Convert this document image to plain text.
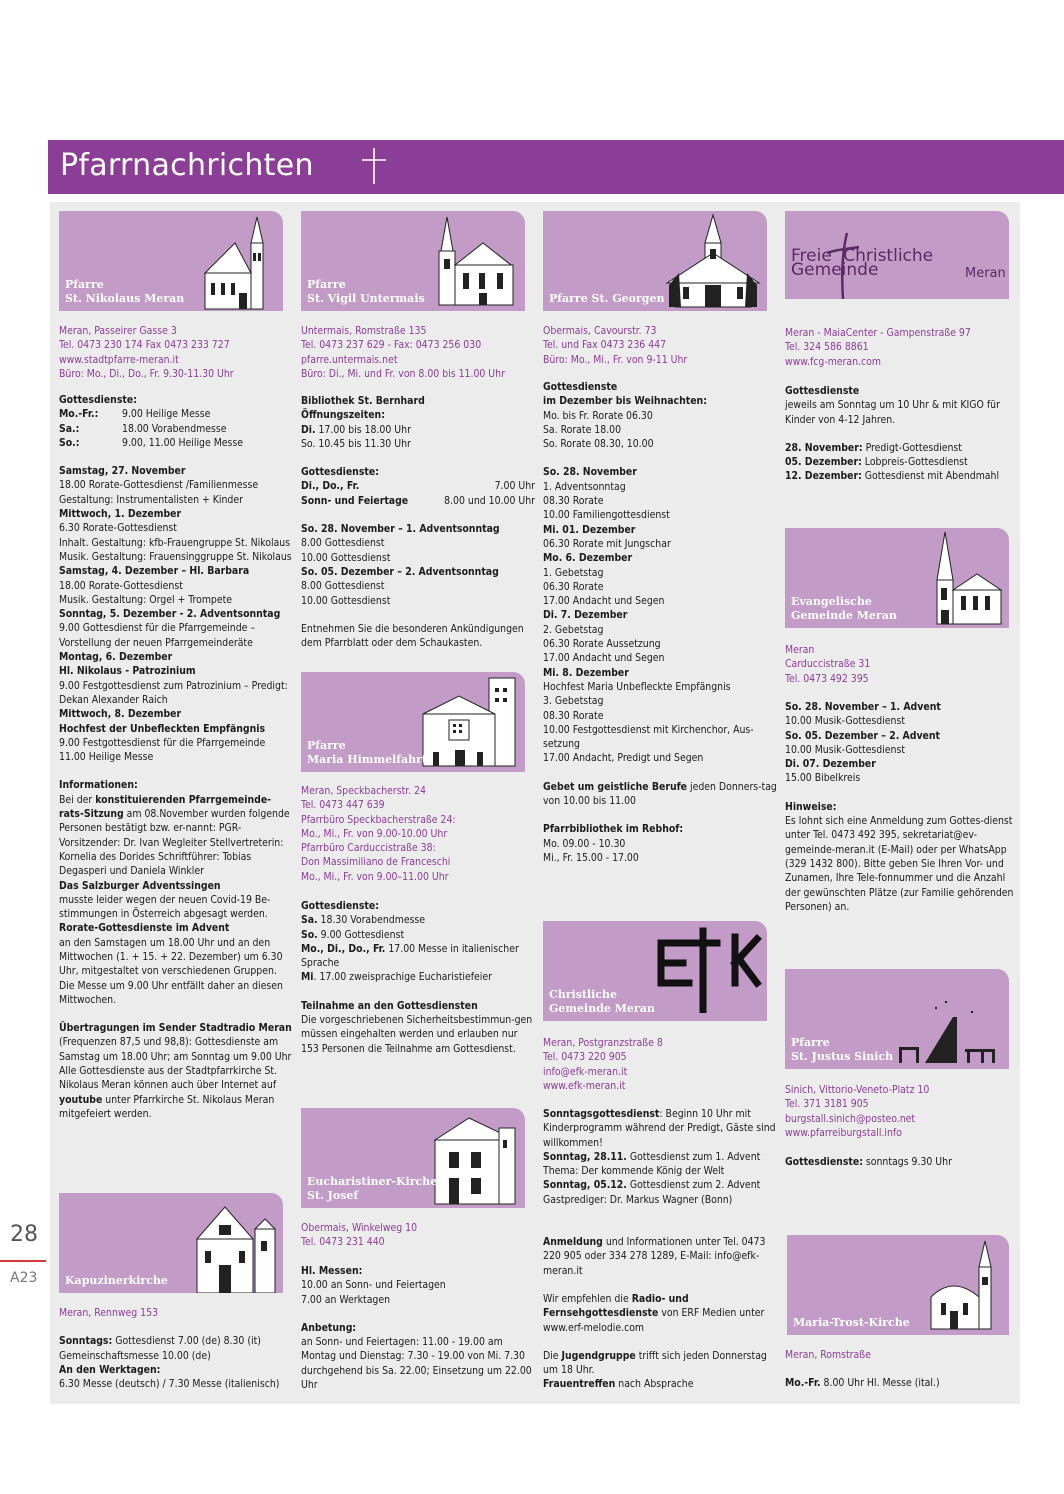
Pfarrnachrichten
28
A23
Pfarre
St. Nikolaus Meran
Meran, Passeirer Gasse 3
Tel. 0473 230 174 Fax 0473 233 727
www.stadtpfarre-meran.it
Büro: Mo., Di., Do., Fr. 9.30-11.30 Uhr
Gottesdienste:
Mo.-Fr.:	9.00 Heilige Messe
Sa.:	18.00 Vorabendmesse
So.:	9.00, 11.00 Heilige Messe
Samstag, 27. November
18.00 Rorate-Gottesdienst /Familienmesse
Gestaltung: Instrumentalisten + Kinder
Mittwoch, 1. Dezember
6.30 Rorate-Gottesdienst
Inhalt. Gestaltung: kfb-Frauengruppe St. Nikolaus
Musik. Gestaltung: Frauensinggruppe St. Nikolaus
Samstag, 4. Dezember – Hl. Barbara
18.00 Rorate-Gottesdienst
Musik. Gestaltung: Orgel + Trompete
Sonntag, 5. Dezember - 2. Adventsonntag
9.00 Gottesdienst für die Pfarrgemeinde – Vorstellung der neuen Pfarrgemeinderäte
Montag, 6. Dezember
Hl. Nikolaus - Patrozinium
9.00 Festgottesdienst zum Patrozinium – Predigt: Dekan Alexander Raich
Mittwoch, 8. Dezember
Hochfest der Unbefleckten Empfängnis
9.00 Festgottesdienst für die Pfarrgemeinde
11.00 Heilige Messe
Informationen:
Bei der konstituierenden Pfarrgemeinde-rats-Sitzung am 08.November wurden folgende Personen bestätigt bzw. er-nannt: PGR-Vorsitzender: Dr. Ivan Wegleiter Stellvertreterin: Kornelia des Dorides Schriftführer: Tobias Degasperi und Daniela Winkler
Das Salzburger Adventssingen
musste leider wegen der neuen Covid-19 Be-stimmungen in Österreich abgesagt werden.
Rorate-Gottesdienste im Advent
an den Samstagen um 18.00 Uhr und an den Mittwochen (1. + 15. + 22. Dezember) um 6.30 Uhr, mitgestaltet von verschiedenen Gruppen. Die Messe um 9.00 Uhr entfällt daher an diesen Mittwochen.
Übertragungen im Sender Stadtradio Meran (Frequenzen 87,5 und 98,8): Gottesdienste am Samstag um 18.00 Uhr; am Sonntag um 9.00 Uhr
Alle Gottesdienste aus der Stadtpfarrkirche St. Nikolaus Meran können auch über Internet auf youtube unter Pfarrkirche St. Nikolaus Meran mitgefeiert werden.
Kapuzinerkirche
Meran, Rennweg 153
Sonntags: Gottesdienst 7.00 (de) 8.30 (it) Gemeinschaftsmesse 10.00 (de)
An den Werktagen:
6.30 Messe (deutsch) / 7.30 Messe (italienisch)
Pfarre
St. Vigil Untermais
Untermais, Romstraße 135
Tel. 0473 237 629 - Fax: 0473 256 030
pfarre.untermais.net
Büro: Di., Mi. und Fr. von 8.00 bis 11.00 Uhr
Bibliothek St. Bernhard
Öffnungszeiten:
Di. 17.00 bis 18.00 Uhr
So. 10.45 bis 11.30 Uhr
Gottesdienste:
Di., Do., Fr.	7.00 Uhr
Sonn- und Feiertage	8.00 und 10.00 Uhr
So. 28. November – 1. Adventsonntag
8.00 Gottesdienst
10.00 Gottesdienst
So. 05. Dezember – 2. Adventsonntag
8.00 Gottesdienst
10.00 Gottesdienst
Entnehmen Sie die besonderen Ankündigungen dem Pfarrblatt oder dem Schaukasten.
Pfarre
Maria Himmelfahrt
Meran, Speckbacherstr. 24
Tel. 0473 447 639
Pfarrbüro Speckbacherstraße 24:
Mo., Mi., Fr. von 9.00-10.00 Uhr
Pfarrbüro Carduccistraße 38:
Don Massimiliano de Franceschi
Mo., Mi., Fr. von 9.00–11.00 Uhr
Gottesdienste:
Sa. 18.30 Vorabendmesse
So. 9.00 Gottesdienst
Mo., Di., Do., Fr. 17.00 Messe in italienischer Sprache
Mi. 17.00 zweisprachige Eucharistiefeier
Teilnahme an den Gottesdiensten
Die vorgeschriebenen Sicherheitsbestimmun-gen müssen eingehalten werden und erlauben nur 153 Personen die Teilnahme am Gottesdienst.
Eucharistiner-Kirche
St. Josef
Obermais, Winkelweg 10
Tel. 0473 231 440
Hl. Messen:
10.00 an Sonn- und Feiertagen
7.00 an Werktagen
Anbetung:
an Sonn- und Feiertagen: 11.00 - 19.00 am Montag und Dienstag: 7.30 - 19.00 von Mi. 7.30 durchgehend bis Sa. 22.00; Einsetzung um 22.00 Uhr
Pfarre St. Georgen
Obermais, Cavourstr. 73
Tel. und Fax 0473 236 447
Büro: Mo., Mi., Fr. von 9-11 Uhr
Gottesdienste
im Dezember bis Weihnachten:
Mo. bis Fr. Rorate 06.30
Sa. Rorate 18.00
So. Rorate 08.30, 10.00
So. 28. November
1. Adventsonntag
08.30 Rorate
10.00 Familiengottesdienst
Mi. 01. Dezember
06.30 Rorate mit Jungschar
Mo. 6. Dezember
1. Gebetstag
06.30 Rorate
17.00 Andacht und Segen
Di. 7. Dezember
2. Gebetstag
06.30 Rorate Aussetzung
17.00 Andacht und Segen
Mi. 8. Dezember
Hochfest Maria Unbefleckte Empfängnis
3. Gebetstag
08.30 Rorate
10.00 Festgottesdienst mit Kirchenchor, Aus-setzung
17.00 Andacht, Predigt und Segen
Gebet um geistliche Berufe jeden Donners-tag von 10.00 bis 11.00
Pfarrbibliothek im Rebhof:
Mo. 09.00 - 10.30
Mi., Fr. 15.00 - 17.00
Christliche
Gemeinde Meran
Meran, Postgranzstraße 8
Tel. 0473 220 905
info@efk-meran.it
www.efk-meran.it
Sonntagsgottesdienst: Beginn 10 Uhr mit Kinderprogramm während der Predigt, Gäste sind willkommen!
Sonntag, 28.11. Gottesdienst zum 1. Advent Thema: Der kommende König der Welt
Sonntag, 05.12. Gottesdienst zum 2. Advent Gastprediger: Dr. Markus Wagner (Bonn)
Anmeldung und Informationen unter Tel. 0473 220 905 oder 334 278 1289, E-Mail: info@efk-meran.it
Wir empfehlen die Radio- und Fernsehgottesdienste von ERF Medien unter www.erf-melodie.com
Die Jugendgruppe trifft sich jeden Donnerstag um 18 Uhr.
Frauentreffen nach Absprache
Freie Christliche Gemeinde	Meran
Meran - MaiaCenter - Gampenstraße 97
Tel. 324 586 8861
www.fcg-meran.com
Gottesdienste
jeweils am Sonntag um 10 Uhr & mit KIGO für Kinder von 4-12 Jahren.
28. November: Predigt-Gottesdienst
05. Dezember: Lobpreis-Gottesdienst
12. Dezember: Gottesdienst mit Abendmahl
Evangelische
Gemeinde Meran
Meran
Carduccistraße 31
Tel. 0473 492 395
So. 28. November – 1. Advent
10.00 Musik-Gottesdienst
So. 05. Dezember – 2. Advent
10.00 Musik-Gottesdienst
Di. 07. Dezember
15.00 Bibelkreis
Hinweise:
Es lohnt sich eine Anmeldung zum Gottes-dienst unter Tel. 0473 492 395, sekretariat@ev-gemeinde-meran.it (E-Mail) oder per WhatsApp (329 1432 800). Bitte geben Sie Ihren Vor- und Zunamen, Ihre Tele-fonnummer und die Anzahl der gewünschten Plätze (zur Familie gehörenden Personen) an.
Pfarre
St. Justus Sinich
Sinich, Vittorio-Veneto-Platz 10
Tel. 371 3181 905
burgstall.sinich@posteo.net
www.pfarreiburgstall.info
Gottesdienste: sonntags 9.30 Uhr
Maria-Trost-Kirche
Meran, Romstraße
Mo.-Fr. 8.00 Uhr Hl. Messe (ital.)
